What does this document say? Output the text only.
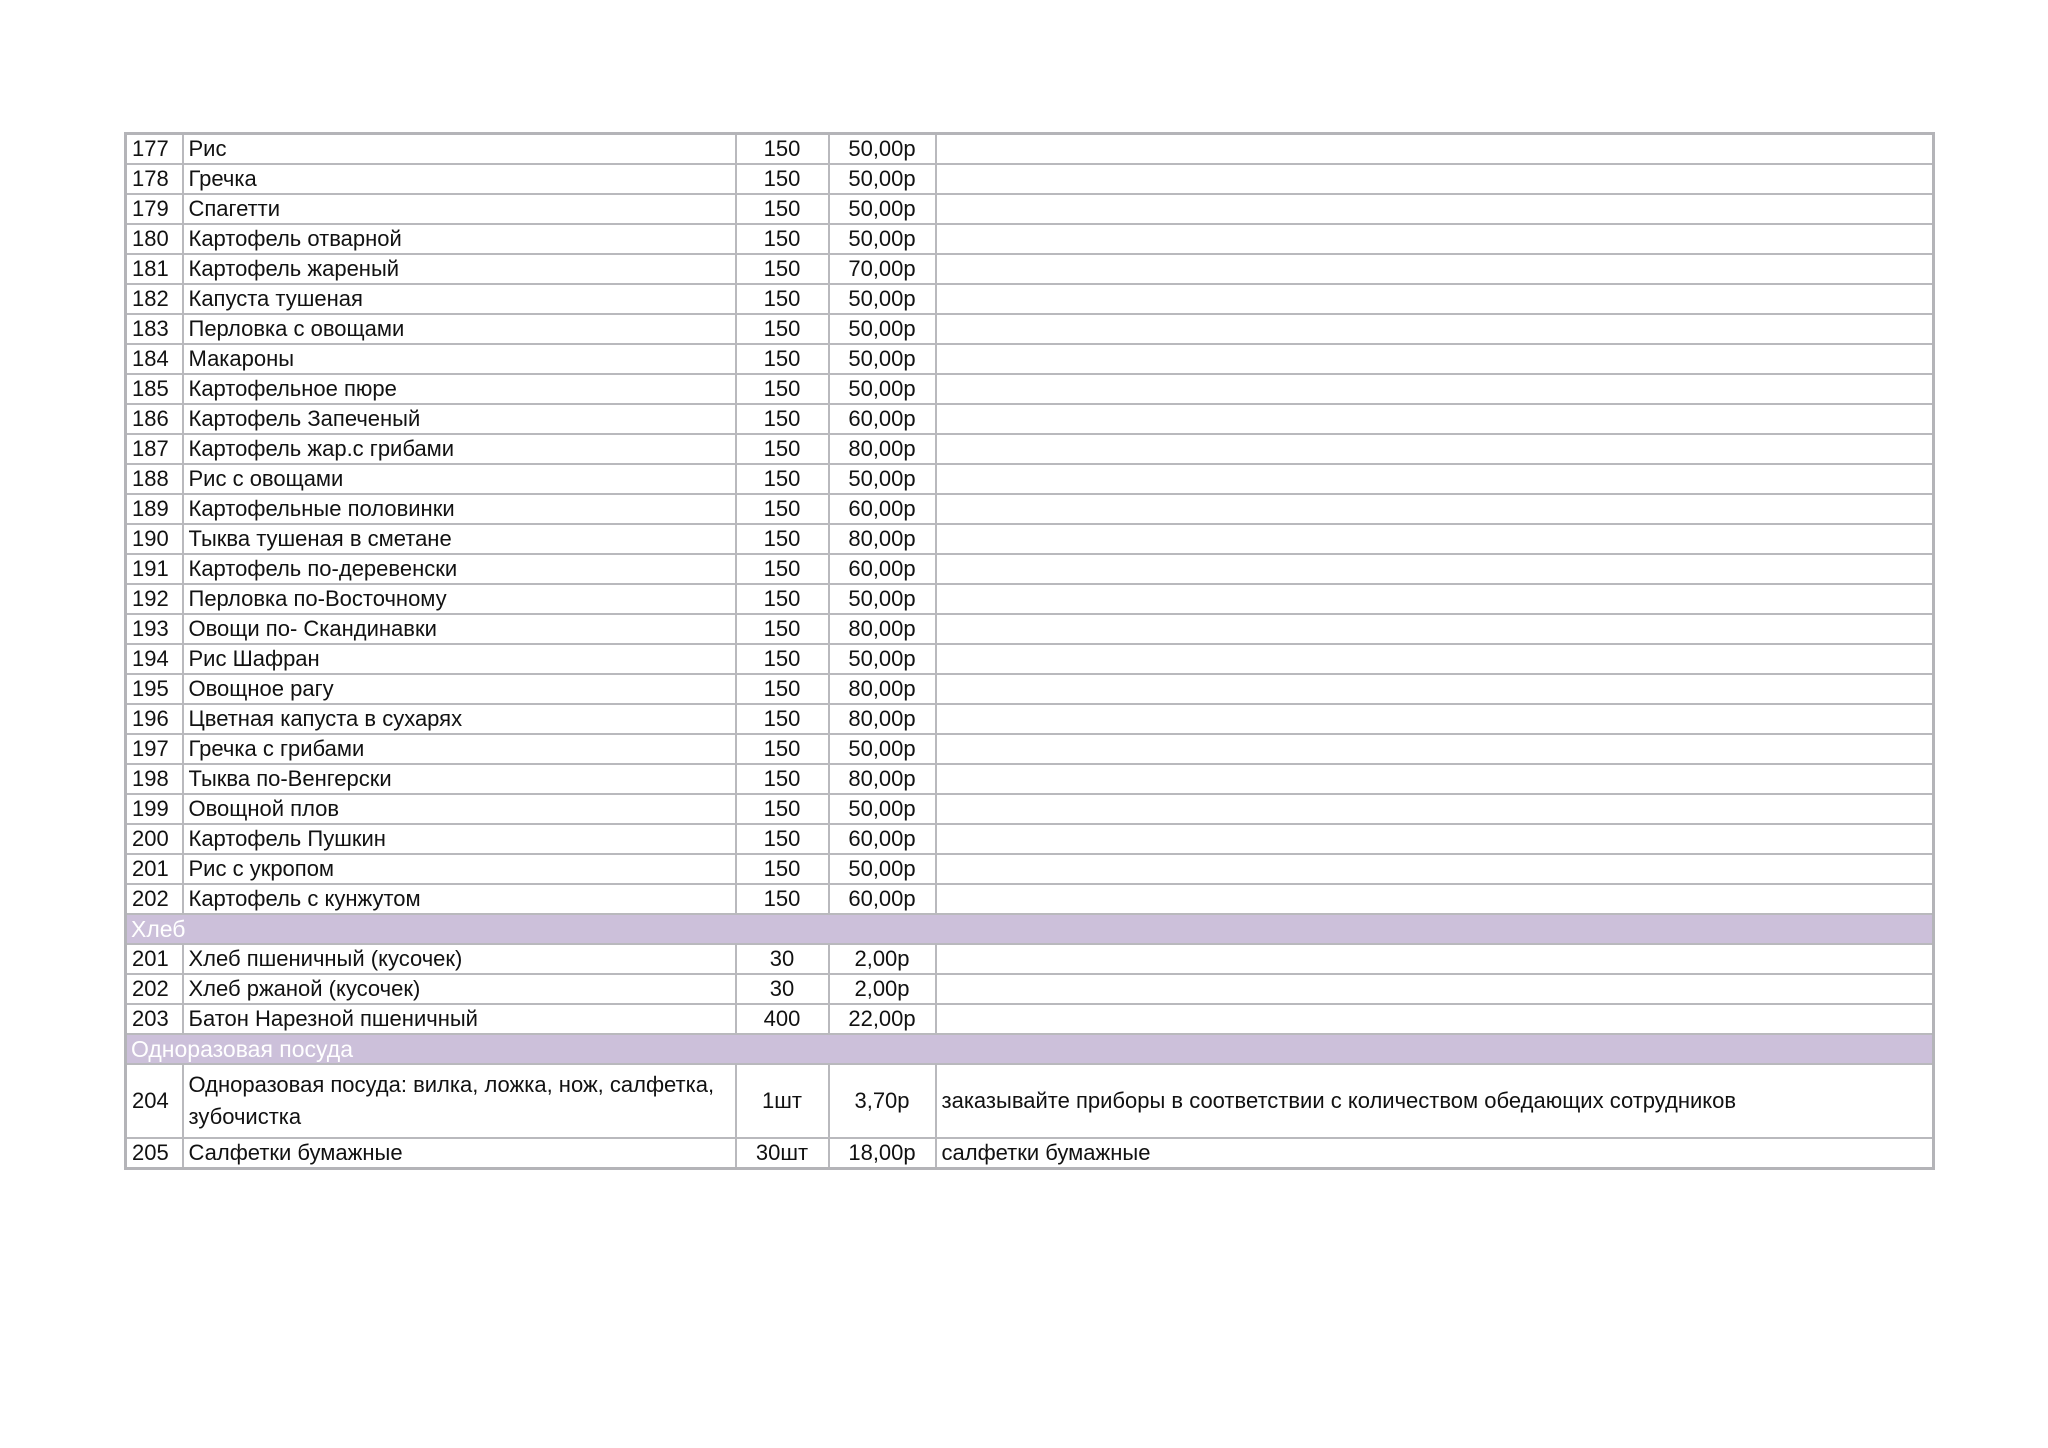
177	Рис	150	50,00р	
178	Гречка	150	50,00р	
179	Спагетти	150	50,00р	
180	Картофель отварной	150	50,00р	
181	Картофель жареный	150	70,00р	
182	Капуста тушеная	150	50,00р	
183	Перловка с овощами	150	50,00р	
184	Макароны	150	50,00р	
185	Картофельное пюре	150	50,00р	
186	Картофель Запеченый	150	60,00р	
187	Картофель жар.с грибами	150	80,00р	
188	Рис с овощами	150	50,00р	
189	Картофельные половинки	150	60,00р	
190	Тыква тушеная в сметане	150	80,00р	
191	Картофель по-деревенски	150	60,00р	
192	Перловка по-Восточному	150	50,00р	
193	Овощи по- Скандинавки	150	80,00р	
194	Рис Шафран	150	50,00р	
195	Овощное рагу	150	80,00р	
196	Цветная капуста в сухарях	150	80,00р	
197	Гречка с грибами	150	50,00р	
198	Тыква по-Венгерски	150	80,00р	
199	Овощной плов	150	50,00р	
200	Картофель Пушкин	150	60,00р	
201	Рис с укропом	150	50,00р	
202	Картофель с кунжутом	150	60,00р	
Хлеб				
201	Хлеб пшеничный (кусочек)	30	2,00р	
202	Хлеб ржаной (кусочек)	30	2,00р	
203	Батон Нарезной пшеничный	400	22,00р	
Одноразовая посуда				
204	Одноразовая посуда: вилка, ложка, нож, салфетка, зубочистка	1шт	3,70р	заказывайте приборы в соответствии с количеством обедающих сотрудников
205	Салфетки бумажные	30шт	18,00р	салфетки бумажные
